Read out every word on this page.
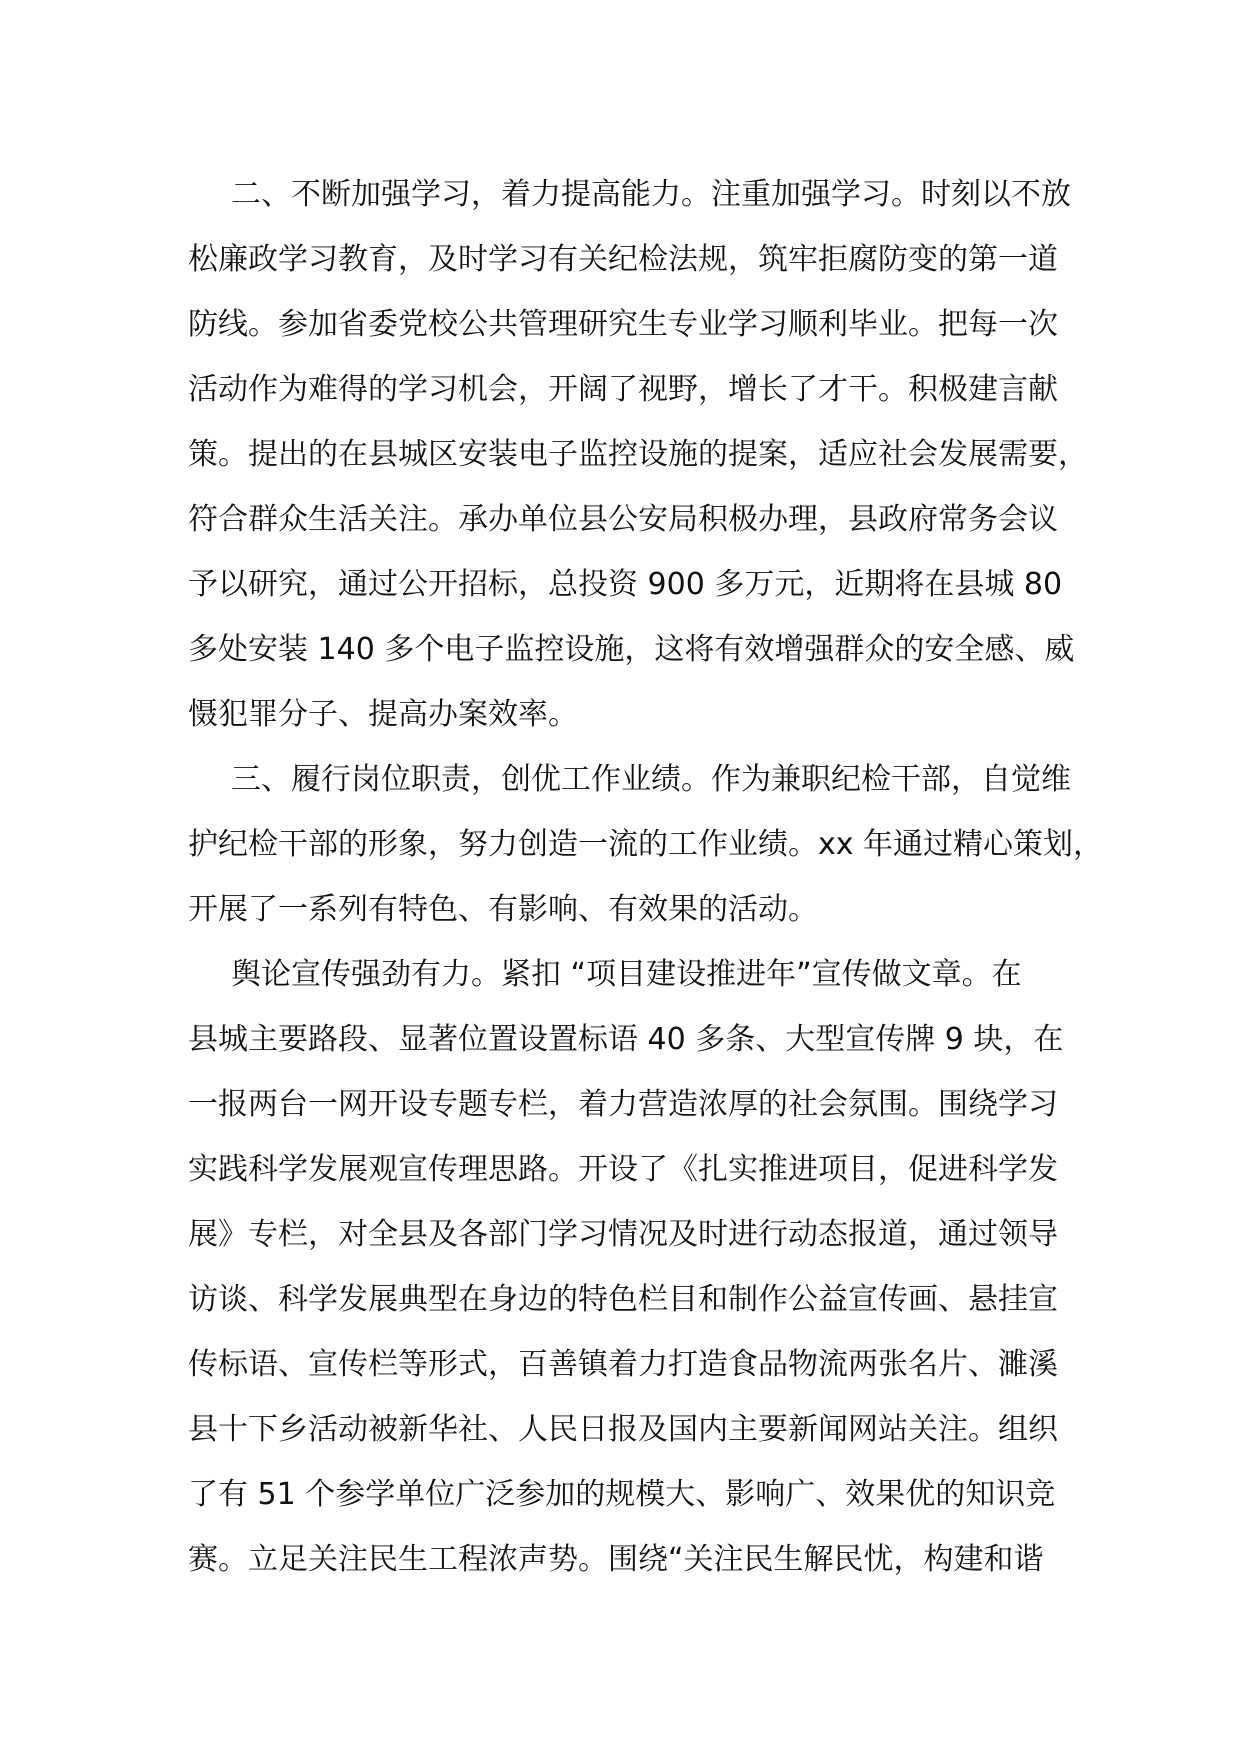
二、不断加强学习，着力提高能力。注重加强学习。时刻以不放
松廉政学习教育，及时学习有关纪检法规，筑牢拒腐防变的第一道
防线。参加省委党校公共管理研究生专业学习顺利毕业。把每一次
活动作为难得的学习机会，开阔了视野，增长了才干。积极建言献
策。提出的在县城区安装电子监控设施的提案，适应社会发展需要，
符合群众生活关注。承办单位县公安局积极办理，县政府常务会议
予以研究，通过公开招标，总投资 900 多万元，近期将在县城 80
多处安装 140 多个电子监控设施，这将有效增强群众的安全感、威
慑犯罪分子、提高办案效率。
三、履行岗位职责，创优工作业绩。作为兼职纪检干部，自觉维
护纪检干部的形象，努力创造一流的工作业绩。xx 年通过精心策划，
开展了一系列有特色、有影响、有效果的活动。
舆论宣传强劲有力。紧扣 “项目建设推进年”宣传做文章。在
县城主要路段、显著位置设置标语 40 多条、大型宣传牌 9 块，在
一报两台一网开设专题专栏，着力营造浓厚的社会氛围。围绕学习
实践科学发展观宣传理思路。开设了《扎实推进项目，促进科学发
展》专栏，对全县及各部门学习情况及时进行动态报道，通过领导
访谈、科学发展典型在身边的特色栏目和制作公益宣传画、悬挂宣
传标语、宣传栏等形式，百善镇着力打造食品物流两张名片、濉溪
县十下乡活动被新华社、人民日报及国内主要新闻网站关注。组织
了有 51 个参学单位广泛参加的规模大、影响广、效果优的知识竞
赛。立足关注民生工程浓声势。围绕“关注民生解民忧，构建和谐
